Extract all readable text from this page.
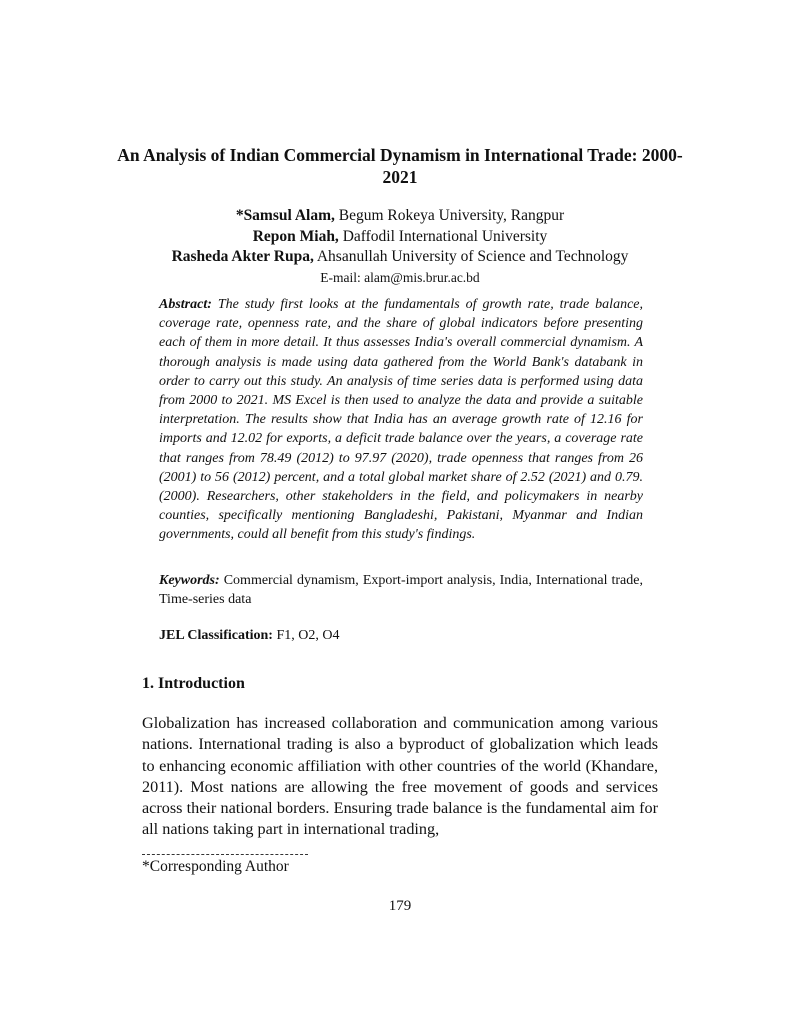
An Analysis of Indian Commercial Dynamism in International Trade: 2000-2021
*Samsul Alam, Begum Rokeya University, Rangpur
Repon Miah, Daffodil International University
Rasheda Akter Rupa, Ahsanullah University of Science and Technology
E-mail: alam@mis.brur.ac.bd
Abstract: The study first looks at the fundamentals of growth rate, trade balance, coverage rate, openness rate, and the share of global indicators before presenting each of them in more detail. It thus assesses India's overall commercial dynamism. A thorough analysis is made using data gathered from the World Bank's databank in order to carry out this study. An analysis of time series data is performed using data from 2000 to 2021. MS Excel is then used to analyze the data and provide a suitable interpretation. The results show that India has an average growth rate of 12.16 for imports and 12.02 for exports, a deficit trade balance over the years, a coverage rate that ranges from 78.49 (2012) to 97.97 (2020), trade openness that ranges from 26 (2001) to 56 (2012) percent, and a total global market share of 2.52 (2021) and 0.79. (2000). Researchers, other stakeholders in the field, and policymakers in nearby counties, specifically mentioning Bangladeshi, Pakistani, Myanmar and Indian governments, could all benefit from this study's findings.
Keywords: Commercial dynamism, Export-import analysis, India, International trade, Time-series data
JEL Classification: F1, O2, O4
1. Introduction
Globalization has increased collaboration and communication among various nations. International trading is also a byproduct of globalization which leads to enhancing economic affiliation with other countries of the world (Khandare, 2011). Most nations are allowing the free movement of goods and services across their national borders. Ensuring trade balance is the fundamental aim for all nations taking part in international trading,
*Corresponding Author
179
